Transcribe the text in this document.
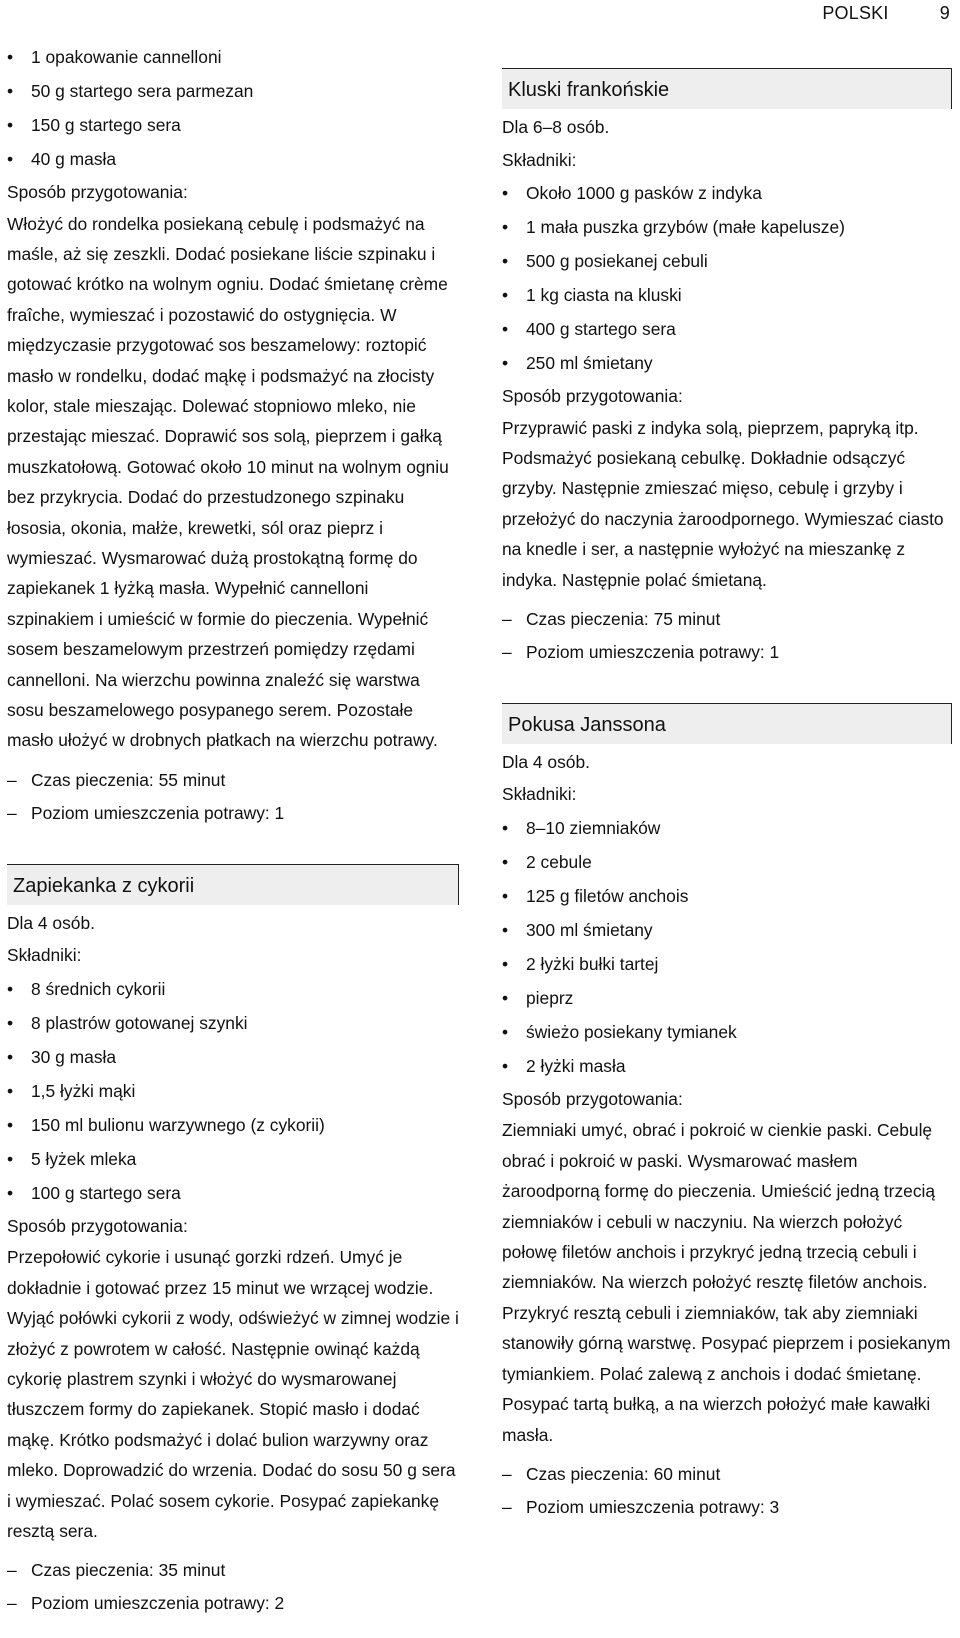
POLSKI	9
• 1 opakowanie cannelloni
• 50 g startego sera parmezan
• 150 g startego sera
• 40 g masła
Sposób przygotowania:

Włożyć do rondelka posiekaną cebulę i podsmażyć na maśle, aż się zeszkli. Dodać posiekane liście szpinaku i gotować krótko na wolnym ogniu. Dodać śmietanę crème fraîche, wymieszać i pozostawić do ostygnięcia. W międzyczasie przygotować sos beszamelowy: roztopić masło w rondelku, dodać mąkę i podsmażyć na złocisty kolor, stale mieszając. Dolewać stopniowo mleko, nie przestając mieszać. Doprawić sos solą, pieprzem i gałką muszkatołową. Gotować około 10 minut na wolnym ogniu bez przykrycia. Dodać do przestudzonego szpinaku łososia, okonia, małże, krewetki, sól oraz pieprz i wymieszać. Wysmarować dużą prostokątną formę do zapiekanek 1 łyżką masła. Wypełnić cannelloni szpinakiem i umieścić w formie do pieczenia. Wypełnić sosem beszamelowym przestrzeń pomiędzy rzędami cannelloni. Na wierzchu powinna znaleźć się warstwa sosu beszamelowego posypanego serem. Pozostałe masło ułożyć w drobnych płatkach na wierzchu potrawy.

– Czas pieczenia: 55 minut
– Poziom umieszczenia potrawy: 1
Zapiekanka z cykorii
Dla 4 osób.
Składniki:
• 8 średnich cykorii
• 8 plastrów gotowanej szynki
• 30 g masła
• 1,5 łyżki mąki
• 150 ml bulionu warzywnego (z cykorii)
• 5 łyżek mleka
• 100 g startego sera
Sposób przygotowania:

Przepołowić cykorie i usunąć gorzki rdzeń. Umyć je dokładnie i gotować przez 15 minut we wrzącej wodzie. Wyjąć połówki cykorii z wody, odświeżyć w zimnej wodzie i złożyć z powrotem w całość. Następnie owinąć każdą cykorię plastrem szynki i włożyć do wysmarowanej tłuszczem formy do zapiekanek. Stopić masło i dodać mąkę. Krótko podsmażyć i dolać bulion warzywny oraz mleko. Doprowadzić do wrzenia. Dodać do sosu 50 g sera i wymieszać. Polać sosem cykorie. Posypać zapiekankę resztą sera.

– Czas pieczenia: 35 minut
– Poziom umieszczenia potrawy: 2
Kluski frankońskie
Dla 6–8 osób.
Składniki:
• Około 1000 g pasków z indyka
• 1 mała puszka grzybów (małe kapelusze)
• 500 g posiekanej cebuli
• 1 kg ciasta na kluski
• 400 g startego sera
• 250 ml śmietany
Sposób przygotowania:

Przyprawić paski z indyka solą, pieprzem, papryką itp. Podsmażyć posiekaną cebulkę. Dokładnie odsączyć grzyby. Następnie zmieszać mięso, cebulę i grzyby i przełożyć do naczynia żaroodpornego. Wymieszać ciasto na knedle i ser, a następnie wyłożyć na mieszankę z indyka. Następnie polać śmietaną.

– Czas pieczenia: 75 minut
– Poziom umieszczenia potrawy: 1
Pokusa Janssona
Dla 4 osób.
Składniki:
• 8–10 ziemniaków
• 2 cebule
• 125 g filetów anchois
• 300 ml śmietany
• 2 łyżki bułki tartej
• pieprz
• świeżo posiekany tymianek
• 2 łyżki masła
Sposób przygotowania:

Ziemniaki umyć, obrać i pokroić w cienkie paski. Cebulę obrać i pokroić w paski. Wysmarować masłem żaroodporną formę do pieczenia. Umieścić jedną trzecią ziemniaków i cebuli w naczyniu. Na wierzch położyć połowę filetów anchois i przykryć jedną trzecią cebuli i ziemniaków. Na wierzch położyć resztę filetów anchois. Przykryć resztą cebuli i ziemniaków, tak aby ziemniaki stanowiły górną warstwę. Posypać pieprzem i posiekanym tymiankiem. Polać zalewą z anchois i dodać śmietanę. Posypać tartą bułką, a na wierzch położyć małe kawałki masła.

– Czas pieczenia: 60 minut
– Poziom umieszczenia potrawy: 3
